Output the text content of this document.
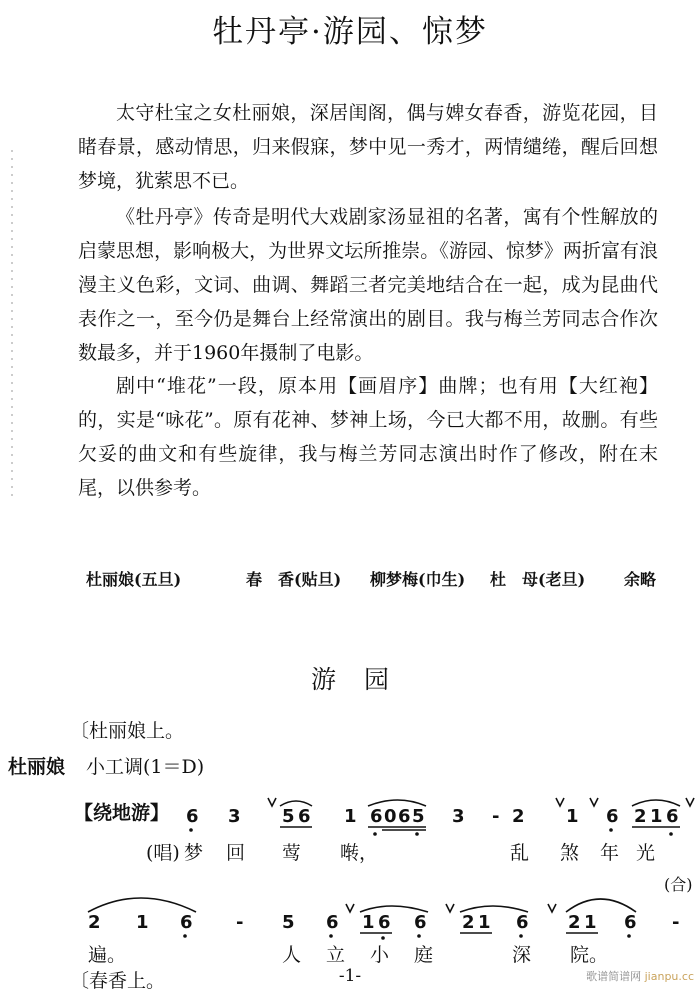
牡丹亭·游园、惊梦

太守杜宝之女杜丽娘，深居闺阁，偶与婢女春香，游览花园，目睹春景，感动情思，归来假寐，梦中见一秀才，两情缱绻，醒后回想梦境，犹萦思不已。

《牡丹亭》传奇是明代大戏剧家汤显祖的名著，寓有个性解放的启蒙思想，影响极大，为世界文坛所推崇。《游园、惊梦》两折富有浪漫主义色彩，文词、曲调、舞蹈三者完美地结合在一起，成为昆曲代表作之一，至今仍是舞台上经常演出的剧目。我与梅兰芳同志合作次数最多，并于1960年摄制了电影。

剧中“堆花”一段，原本用【画眉序】曲牌；也有用【大红袍】的，实是“咏花”。原有花神、梦神上场，今已大都不用，故删。有些欠妥的曲文和有些旋律，我与梅兰芳同志演出时作了修改，附在末尾，以供参考。

杜丽娘(五旦)	春　香(贴旦) 柳梦梅(巾生) 杜　母(老旦) 余略
游园
〔杜丽娘上。
杜丽娘 小工调(1＝D)
【绕地游】 6 3 5 6 1 6 0 6 5 3 - 2 1 6 2 1 6
(唱) 梦 回 莺 啭，	乱 煞 年 光
(合)
2 1 6 - 5 6 1 6 6 2 1 6 2 1 6 -
遍。	人 立 小 庭	深 院。
〔春香上。	-1-	歌谱简谱网 jianpu.cc
